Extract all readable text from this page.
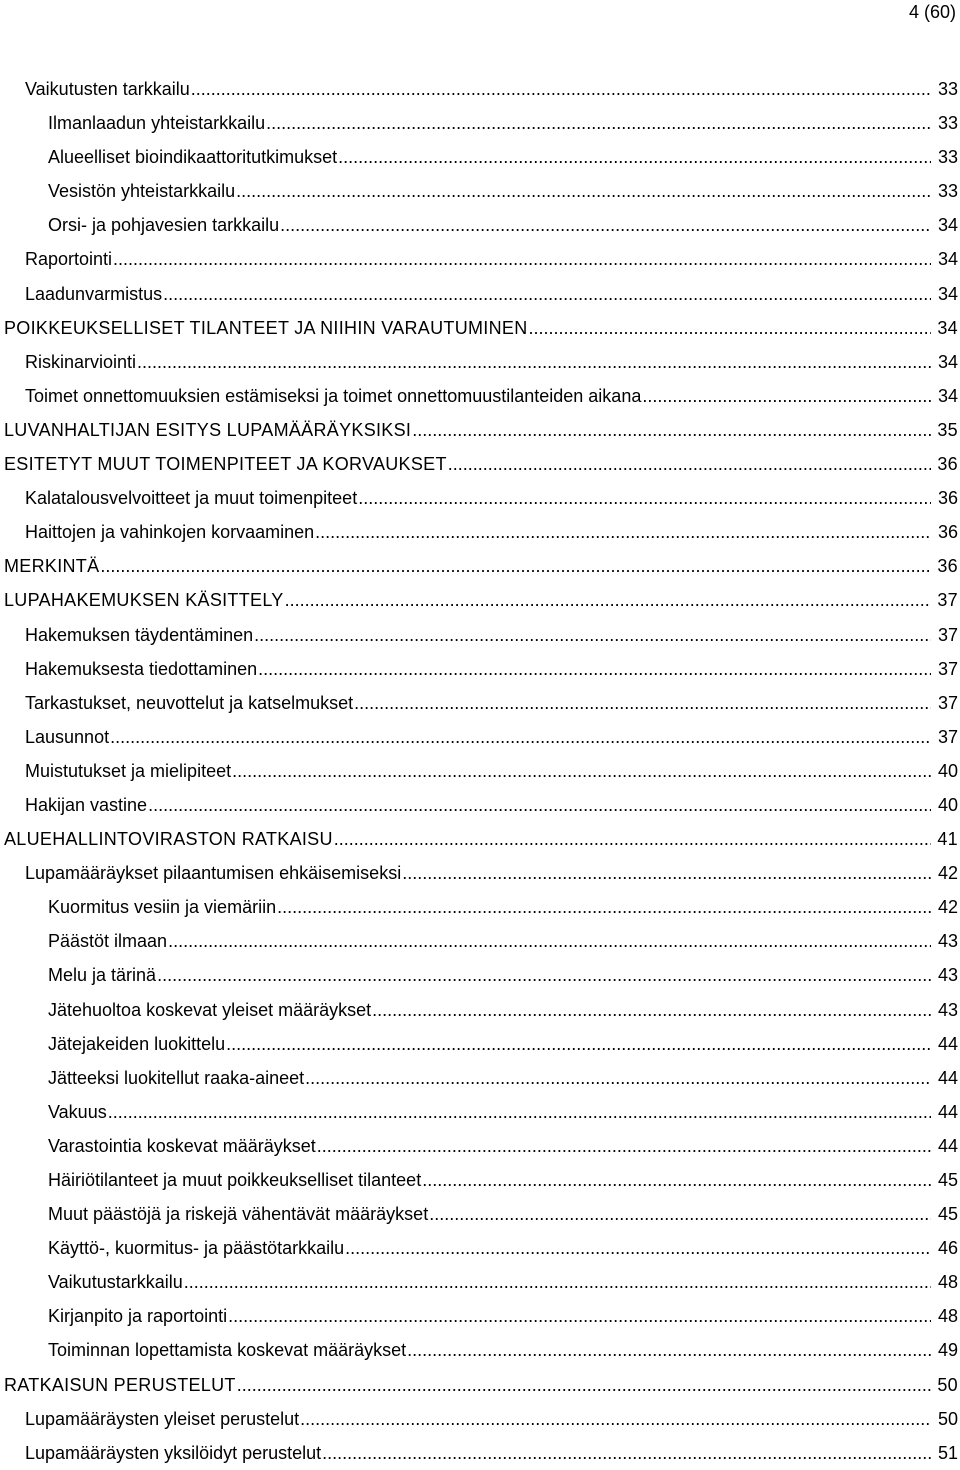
4 (60)
Vaikutusten tarkkailu .....	33
Ilmanlaadun yhteistarkkailu .....	33
Alueelliset bioindikaattoritutkimukset .....	33
Vesistön yhteistarkkailu .....	33
Orsi- ja pohjavesien tarkkailu .....	34
Raportointi .....	34
Laadunvarmistus .....	34
POIKKEUKSELLISET TILANTEET JA NIIHIN VARAUTUMINEN .....	34
Riskinarviointi .....	34
Toimet onnettomuuksien estämiseksi ja toimet onnettomuustilanteiden aikana .....	34
LUVANHALTIJAN ESITYS LUPAMÄÄRÄYKSIKSI .....	35
ESITETYT MUUT TOIMENPITEET JA KORVAUKSET .....	36
Kalatalousvelvoitteet ja muut toimenpiteet .....	36
Haittojen ja vahinkojen korvaaminen .....	36
MERKINTÄ .....	36
LUPAHAKEMUKSEN KÄSITTELY .....	37
Hakemuksen täydentäminen .....	37
Hakemuksesta tiedottaminen .....	37
Tarkastukset, neuvottelut ja katselmukset .....	37
Lausunnot .....	37
Muistutukset ja mielipiteet .....	40
Hakijan vastine .....	40
ALUEHALLINTOVIRASTON RATKAISU .....	41
Lupamääräykset pilaantumisen ehkäisemiseksi .....	42
Kuormitus vesiin ja viemäriin .....	42
Päästöt ilmaan .....	43
Melu ja tärinä .....	43
Jätehuoltoa koskevat yleiset määräykset .....	43
Jätejakeiden luokittelu .....	44
Jätteeksi luokitellut raaka-aineet .....	44
Vakuus .....	44
Varastointia koskevat määräykset .....	44
Häiriötilanteet ja muut poikkeukselliset tilanteet .....	45
Muut päästöjä ja riskejä vähentävät määräykset .....	45
Käyttö-, kuormitus- ja päästötarkkailu .....	46
Vaikutustarkkailu .....	48
Kirjanpito ja raportointi .....	48
Toiminnan lopettamista koskevat määräykset .....	49
RATKAISUN PERUSTELUT .....	50
Lupamääräysten yleiset perustelut .....	50
Lupamääräysten yksilöidyt perustelut .....	51
